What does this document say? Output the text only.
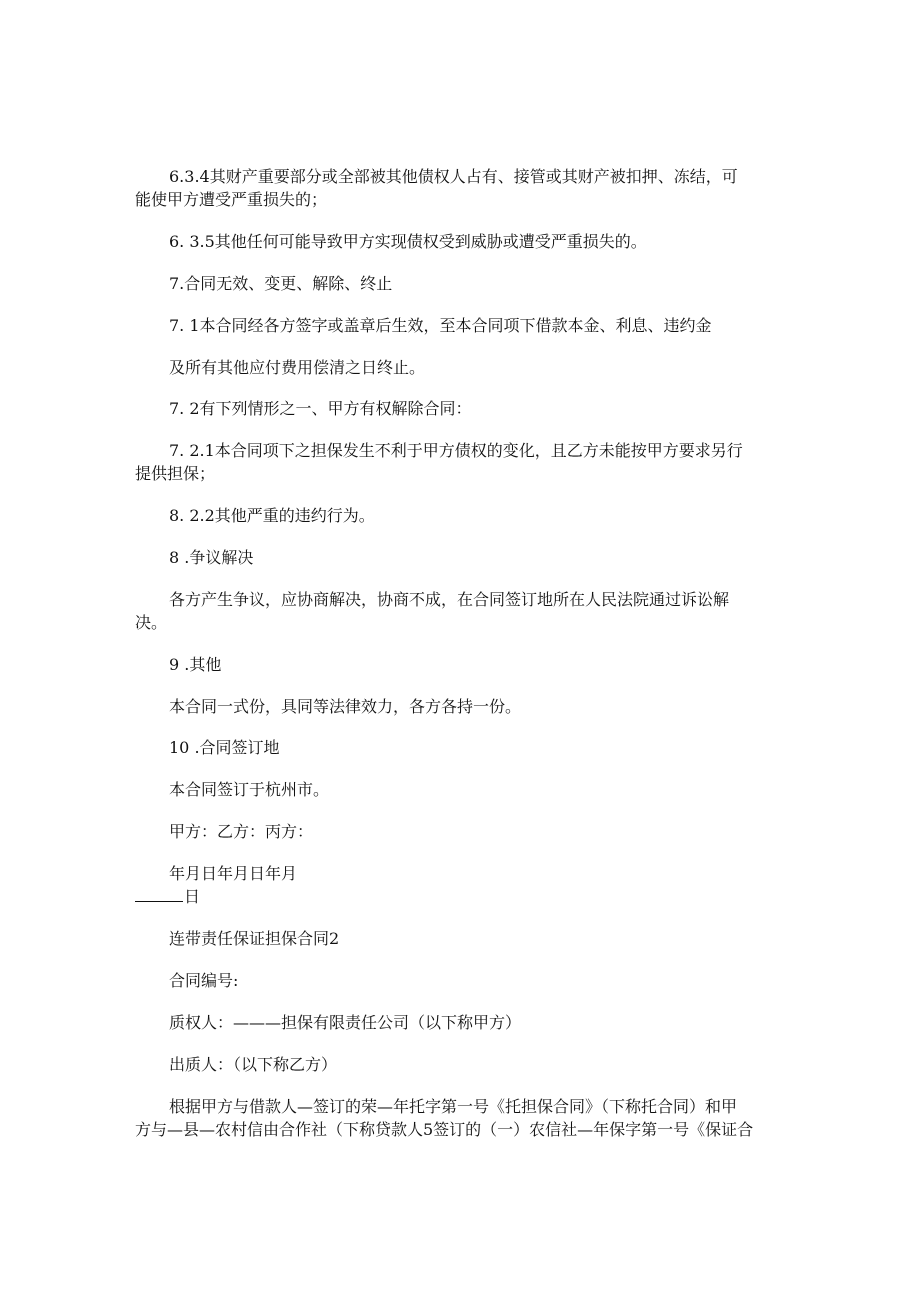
6.3.4其财产重要部分或全部被其他债权人占有、接管或其财产被扣押、冻结，可

能使甲方遭受严重损失的；

6. 3.5其他任何可能导致甲方实现债权受到威胁或遭受严重损失的。

7.合同无效、变更、解除、终止

7. 1本合同经各方签字或盖章后生效，至本合同项下借款本金、利息、违约金

及所有其他应付费用偿清之日终止。

7. 2有下列情形之一、甲方有权解除合同：

7. 2.1本合同项下之担保发生不利于甲方债权的变化，且乙方未能按甲方要求另行

提供担保；

8. 2.2其他严重的违约行为。

8 .争议解决

各方产生争议，应协商解决，协商不成，在合同签订地所在人民法院通过诉讼解

决。

9 .其他

本合同一式份，具同等法律效力，各方各持一份。

10 .合同签订地

本合同签订于杭州市。

甲方：乙方：丙方：

年月日年月日年月

日

连带责任保证担保合同2

合同编号:

质权人：———担保有限责任公司（以下称甲方）

出质人：（以下称乙方）

根据甲方与借款人—签订的荣—年托字第一号《托担保合同》（下称托合同）和甲

方与—县—农村信由合作社（下称贷款人5签订的（一）农信社—年保字第一号《保证合
